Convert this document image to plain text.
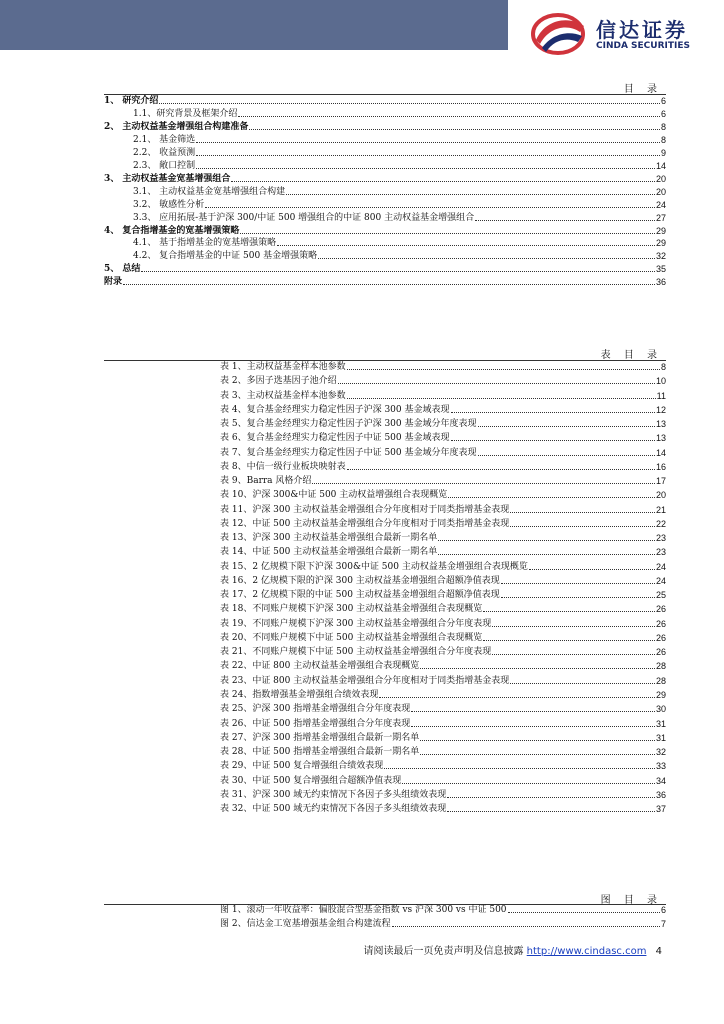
信达证券
CINDA SECURITIES
目 录
1、 研究介绍	6
1.1、研究背景及框架介绍	6
2、 主动权益基金增强组合构建准备	8
2.1、 基金筛选	8
2.2、 收益预测	9
2.3、 敞口控制	14
3、 主动权益基金宽基增强组合	20
3.1、 主动权益基金宽基增强组合构建	20
3.2、 敏感性分析	24
3.3、 应用拓展-基于沪深 300/中证 500 增强组合的中证 800 主动权益基金增强组合	27
4、 复合指增基金的宽基增强策略	29
4.1、 基于指增基金的宽基增强策略	29
4.2、 复合指增基金的中证 500 基金增强策略	32
5、 总结	35
附录	36
表 目 录
表 1、主动权益基金样本池参数	8
表 2、多因子选基因子池介绍	10
表 3、主动权益基金样本池参数	11
表 4、复合基金经理实力稳定性因子沪深 300 基金域表现	12
表 5、复合基金经理实力稳定性因子沪深 300 基金域分年度表现	13
表 6、复合基金经理实力稳定性因子中证 500 基金域表现	13
表 7、复合基金经理实力稳定性因子中证 500 基金域分年度表现	14
表 8、中信一级行业板块映射表	16
表 9、Barra 风格介绍	17
表 10、沪深 300&中证 500 主动权益增强组合表现概览	20
表 11、沪深 300 主动权益基金增强组合分年度相对于同类指增基金表现	21
表 12、中证 500 主动权益基金增强组合分年度相对于同类指增基金表现	22
表 13、沪深 300 主动权益基金增强组合最新一期名单	23
表 14、中证 500 主动权益基金增强组合最新一期名单	23
表 15、2 亿规模下限下沪深 300&中证 500 主动权益基金增强组合表现概览	24
表 16、2 亿规模下限的沪深 300 主动权益基金增强组合超额净值表现	24
表 17、2 亿规模下限的中证 500 主动权益基金增强组合超额净值表现	25
表 18、不同账户规模下沪深 300 主动权益基金增强组合表现概览	26
表 19、不同账户规模下沪深 300 主动权益基金增强组合分年度表现	26
表 20、不同账户规模下中证 500 主动权益基金增强组合表现概览	26
表 21、不同账户规模下中证 500 主动权益基金增强组合分年度表现	26
表 22、中证 800 主动权益基金增强组合表现概览	28
表 23、中证 800 主动权益基金增强组合分年度相对于同类指增基金表现	28
表 24、指数增强基金增强组合绩效表现	29
表 25、沪深 300 指增基金增强组合分年度表现	30
表 26、中证 500 指增基金增强组合分年度表现	31
表 27、沪深 300 指增基金增强组合最新一期名单	31
表 28、中证 500 指增基金增强组合最新一期名单	32
表 29、中证 500 复合增强组合绩效表现	33
表 30、中证 500 复合增强组合超额净值表现	34
表 31、沪深 300 域无约束情况下各因子多头组绩效表现	36
表 32、中证 500 域无约束情况下各因子多头组绩效表现	37
图 目 录
图 1、滚动一年收益率：偏股混合型基金指数 vs 沪深 300 vs 中证 500	6
图 2、信达金工宽基增强基金组合构建流程	7
请阅读最后一页免责声明及信息披露 http://www.cindasc.com 4
